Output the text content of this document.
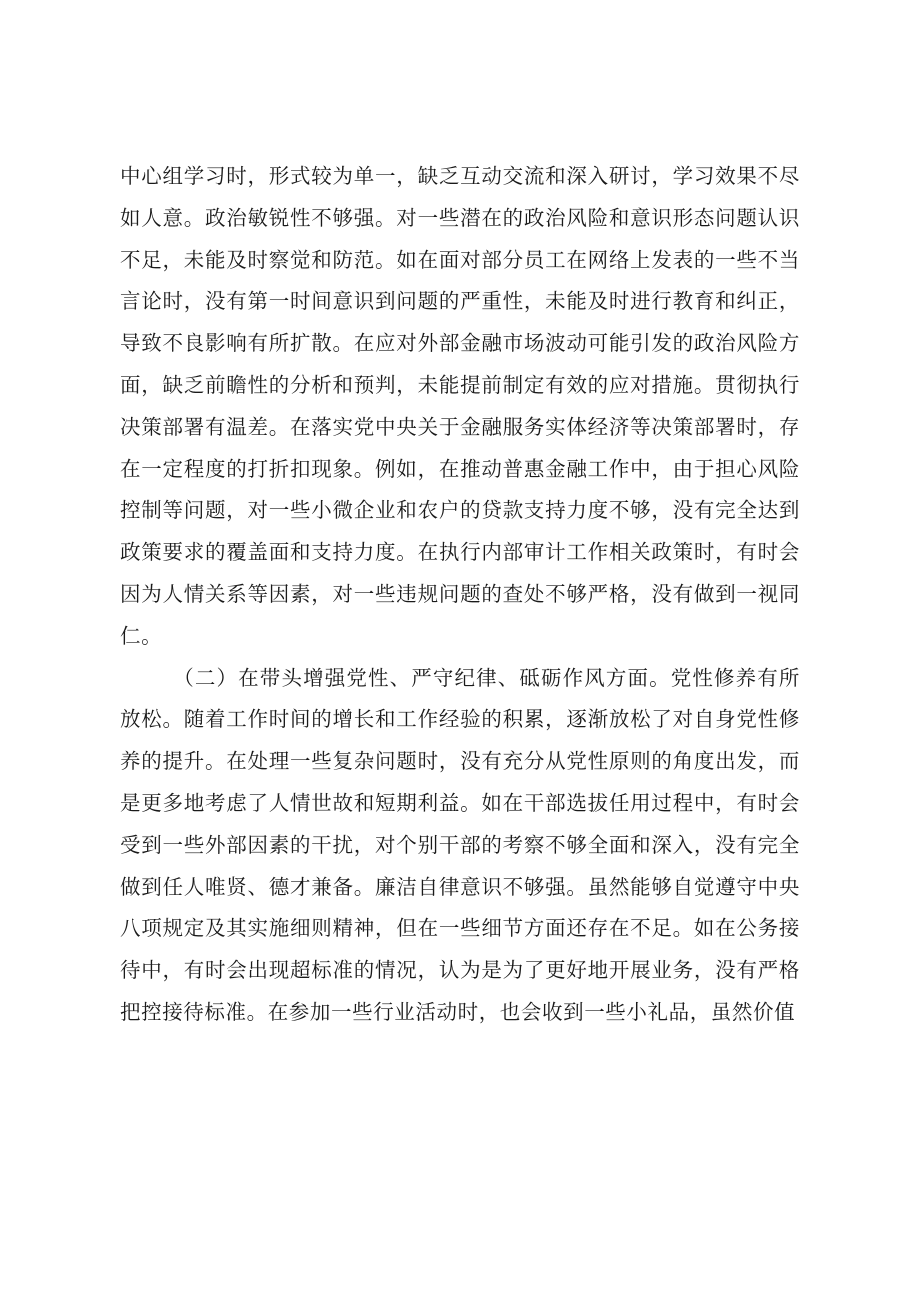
中心组学习时，形式较为单一，缺乏互动交流和深入研讨，学习效果不尽如人意。政治敏锐性不够强。对一些潜在的政治风险和意识形态问题认识不足，未能及时察觉和防范。如在面对部分员工在网络上发表的一些不当言论时，没有第一时间意识到问题的严重性，未能及时进行教育和纠正，导致不良影响有所扩散。在应对外部金融市场波动可能引发的政治风险方面，缺乏前瞻性的分析和预判，未能提前制定有效的应对措施。贯彻执行决策部署有温差。在落实党中央关于金融服务实体经济等决策部署时，存在一定程度的打折扣现象。例如，在推动普惠金融工作中，由于担心风险控制等问题，对一些小微企业和农户的贷款支持力度不够，没有完全达到政策要求的覆盖面和支持力度。在执行内部审计工作相关政策时，有时会因为人情关系等因素，对一些违规问题的查处不够严格，没有做到一视同仁。

（二）在带头增强党性、严守纪律、砥砺作风方面。党性修养有所放松。随着工作时间的增长和工作经验的积累，逐渐放松了对自身党性修养的提升。在处理一些复杂问题时，没有充分从党性原则的角度出发，而是更多地考虑了人情世故和短期利益。如在干部选拔任用过程中，有时会受到一些外部因素的干扰，对个别干部的考察不够全面和深入，没有完全做到任人唯贤、德才兼备。廉洁自律意识不够强。虽然能够自觉遵守中央八项规定及其实施细则精神，但在一些细节方面还存在不足。如在公务接待中，有时会出现超标准的情况，认为是为了更好地开展业务，没有严格把控接待标准。在参加一些行业活动时，也会收到一些小礼品，虽然价值
